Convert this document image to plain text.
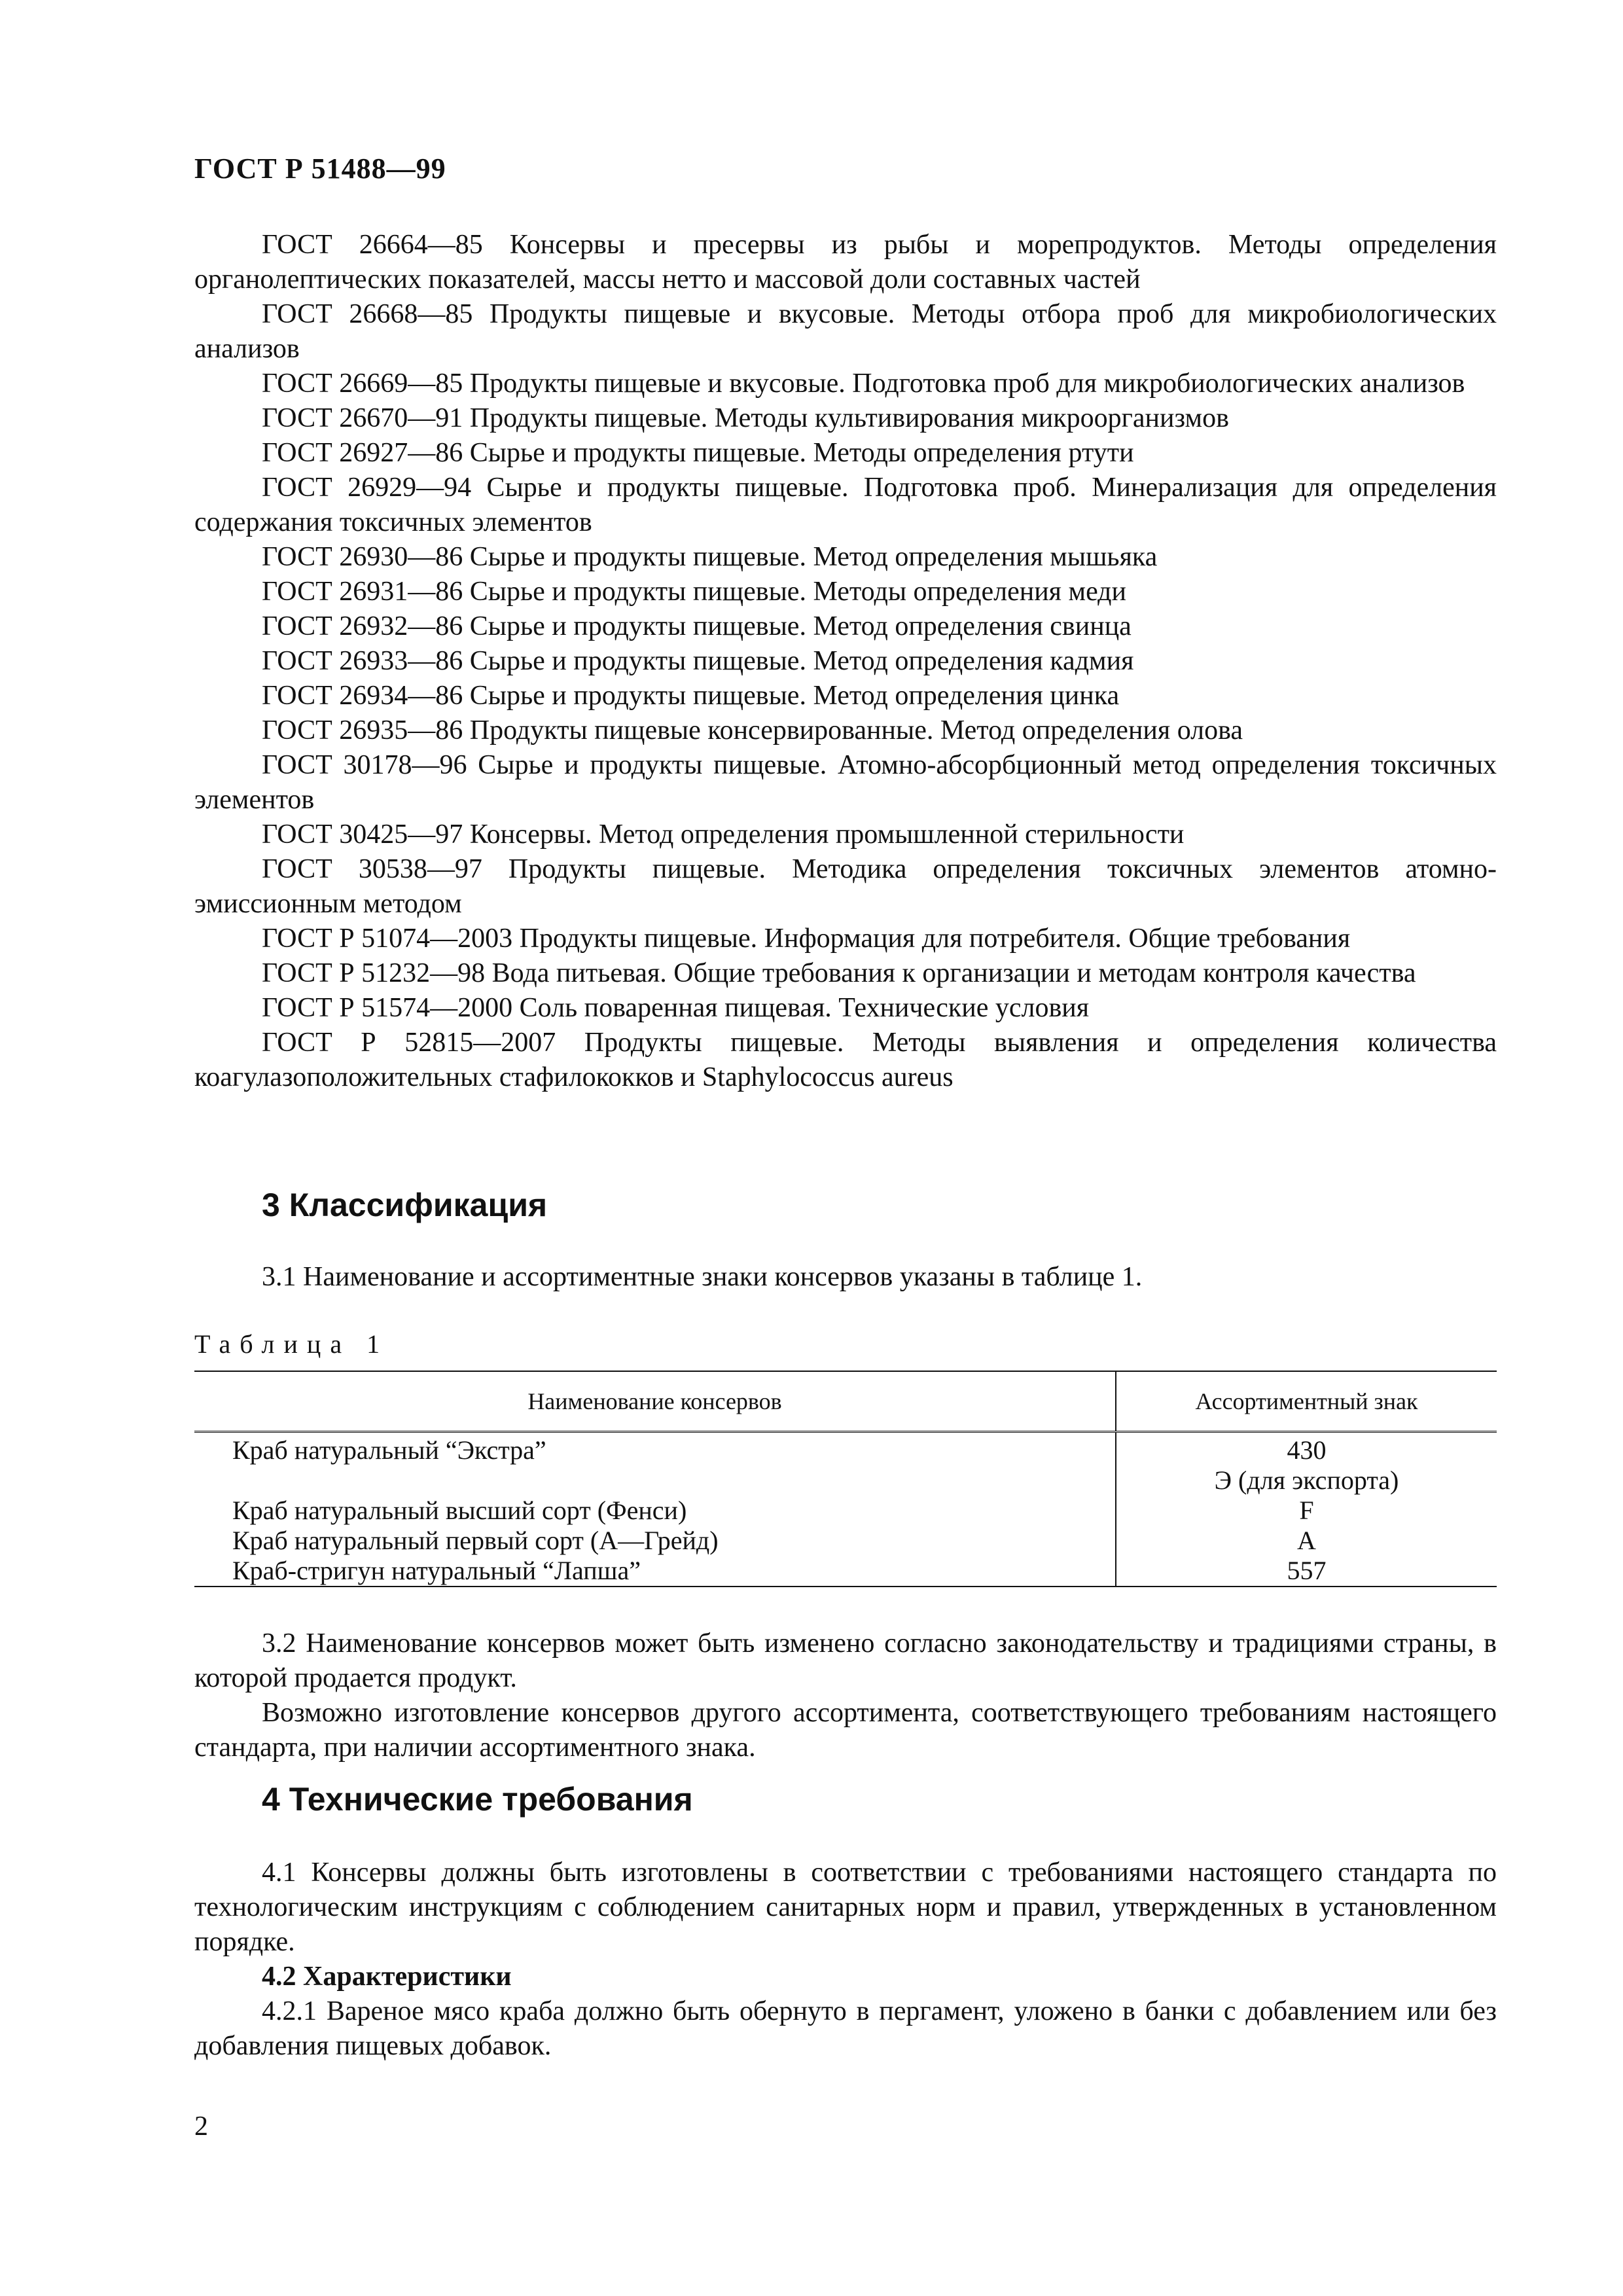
ГОСТ Р 51488—99

ГОСТ 26664—85 Консервы и пресервы из рыбы и морепродуктов. Методы определения органолептических показателей, массы нетто и массовой доли составных частей

ГОСТ 26668—85 Продукты пищевые и вкусовые. Методы отбора проб для микробиологических анализов

ГОСТ 26669—85 Продукты пищевые и вкусовые. Подготовка проб для микробиологических анализов

ГОСТ 26670—91 Продукты пищевые. Методы культивирования микроорганизмов

ГОСТ 26927—86 Сырье и продукты пищевые. Методы определения ртути

ГОСТ 26929—94 Сырье и продукты пищевые. Подготовка проб. Минерализация для определения содержания токсичных элементов

ГОСТ 26930—86 Сырье и продукты пищевые. Метод определения мышьяка

ГОСТ 26931—86 Сырье и продукты пищевые. Методы определения меди

ГОСТ 26932—86 Сырье и продукты пищевые. Метод определения свинца

ГОСТ 26933—86 Сырье и продукты пищевые. Метод определения кадмия

ГОСТ 26934—86 Сырье и продукты пищевые. Метод определения цинка

ГОСТ 26935—86 Продукты пищевые консервированные. Метод определения олова

ГОСТ 30178—96 Сырье и продукты пищевые. Атомно-абсорбционный метод определения токсичных элементов

ГОСТ 30425—97 Консервы. Метод определения промышленной стерильности

ГОСТ 30538—97 Продукты пищевые. Методика определения токсичных элементов атомно-эмиссионным методом

ГОСТ Р 51074—2003 Продукты пищевые. Информация для потребителя. Общие требования

ГОСТ Р 51232—98 Вода питьевая. Общие требования к организации и методам контроля качества

ГОСТ Р 51574—2000 Соль поваренная пищевая. Технические условия

ГОСТ Р 52815—2007 Продукты пищевые. Методы выявления и определения количества коагулазоположительных стафилококков и Staphylococcus aureus

3 Классификация

3.1 Наименование и ассортиментные знаки консервов указаны в таблице 1.

Таблица 1
Наименование консервов	Ассортиментный знак
Краб натуральный “Экстра”	430
Э (для экспорта)

Краб натуральный высший сорт (Фенси)	F
Краб натуральный первый сорт (А—Грейд)	A
Краб-стригун натуральный “Лапша”	557

3.2 Наименование консервов может быть изменено согласно законодательству и традициями страны, в которой продается продукт.

Возможно изготовление консервов другого ассортимента, соответствующего требованиям настоящего стандарта, при наличии ассортиментного знака.

4 Технические требования

4.1 Консервы должны быть изготовлены в соответствии с требованиями настоящего стандарта по технологическим инструкциям с соблюдением санитарных норм и правил, утвержденных в установленном порядке.

4.2 Характеристики

4.2.1 Вареное мясо краба должно быть обернуто в пергамент, уложено в банки с добавлением или без добавления пищевых добавок.

2
